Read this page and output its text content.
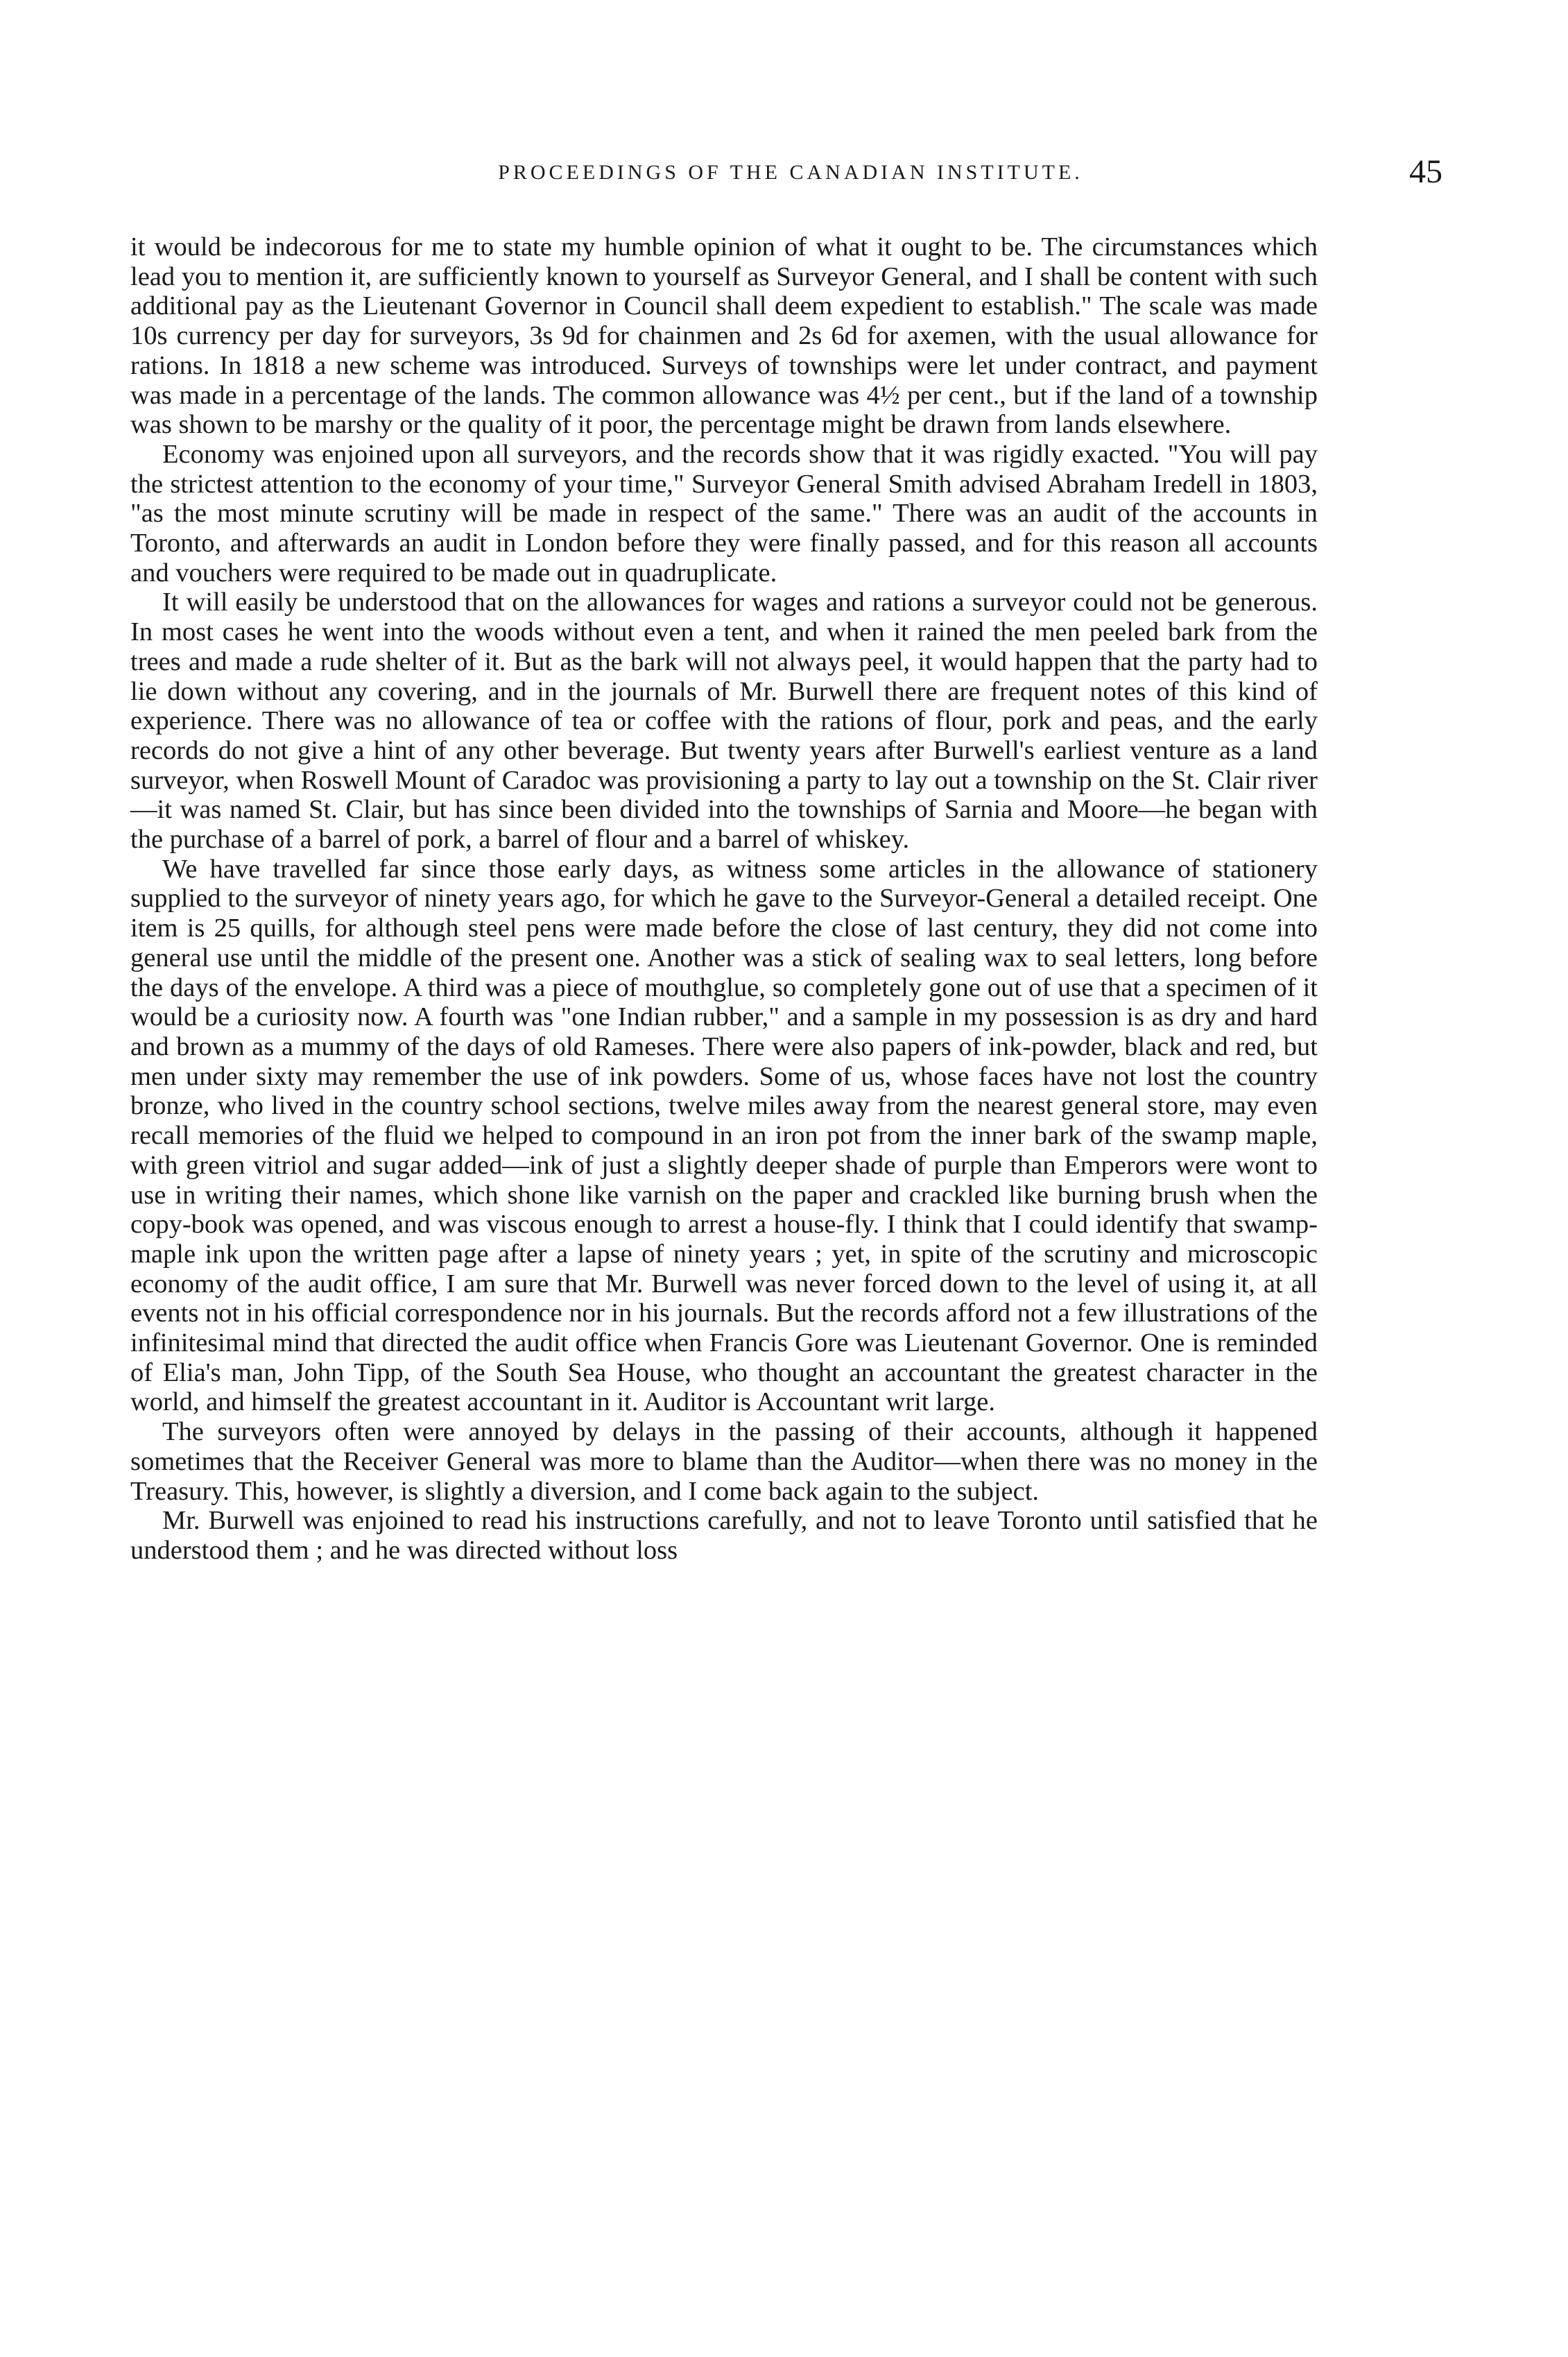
PROCEEDINGS OF THE CANADIAN INSTITUTE.	45

it would be indecorous for me to state my humble opinion of what it ought to be. The circumstances which lead you to mention it, are sufficiently known to yourself as Surveyor General, and I shall be content with such additional pay as the Lieutenant Governor in Council shall deem expedient to establish." The scale was made 10s currency per day for surveyors, 3s 9d for chainmen and 2s 6d for axemen, with the usual allowance for rations. In 1818 a new scheme was introduced. Surveys of townships were let under contract, and payment was made in a percentage of the lands. The common allowance was 4½ per cent., but if the land of a township was shown to be marshy or the quality of it poor, the percentage might be drawn from lands elsewhere.

Economy was enjoined upon all surveyors, and the records show that it was rigidly exacted. "You will pay the strictest attention to the economy of your time," Surveyor General Smith advised Abraham Iredell in 1803, "as the most minute scrutiny will be made in respect of the same." There was an audit of the accounts in Toronto, and afterwards an audit in London before they were finally passed, and for this reason all accounts and vouchers were required to be made out in quadruplicate.

It will easily be understood that on the allowances for wages and rations a surveyor could not be generous. In most cases he went into the woods without even a tent, and when it rained the men peeled bark from the trees and made a rude shelter of it. But as the bark will not always peel, it would happen that the party had to lie down without any covering, and in the journals of Mr. Burwell there are frequent notes of this kind of experience. There was no allowance of tea or coffee with the rations of flour, pork and peas, and the early records do not give a hint of any other beverage. But twenty years after Burwell's earliest venture as a land surveyor, when Roswell Mount of Caradoc was provisioning a party to lay out a township on the St. Clair river—it was named St. Clair, but has since been divided into the townships of Sarnia and Moore—he began with the purchase of a barrel of pork, a barrel of flour and a barrel of whiskey.

We have travelled far since those early days, as witness some articles in the allowance of stationery supplied to the surveyor of ninety years ago, for which he gave to the Surveyor-General a detailed receipt. One item is 25 quills, for although steel pens were made before the close of last century, they did not come into general use until the middle of the present one. Another was a stick of sealing wax to seal letters, long before the days of the envelope. A third was a piece of mouthglue, so completely gone out of use that a specimen of it would be a curiosity now. A fourth was "one Indian rubber," and a sample in my possession is as dry and hard and brown as a mummy of the days of old Rameses. There were also papers of ink-powder, black and red, but men under sixty may remember the use of ink powders. Some of us, whose faces have not lost the country bronze, who lived in the country school sections, twelve miles away from the nearest general store, may even recall memories of the fluid we helped to compound in an iron pot from the inner bark of the swamp maple, with green vitriol and sugar added—ink of just a slightly deeper shade of purple than Emperors were wont to use in writing their names, which shone like varnish on the paper and crackled like burning brush when the copy-book was opened, and was viscous enough to arrest a house-fly. I think that I could identify that swamp-maple ink upon the written page after a lapse of ninety years ; yet, in spite of the scrutiny and microscopic economy of the audit office, I am sure that Mr. Burwell was never forced down to the level of using it, at all events not in his official correspondence nor in his journals. But the records afford not a few illustrations of the infinitesimal mind that directed the audit office when Francis Gore was Lieutenant Governor. One is reminded of Elia's man, John Tipp, of the South Sea House, who thought an accountant the greatest character in the world, and himself the greatest accountant in it. Auditor is Accountant writ large.

The surveyors often were annoyed by delays in the passing of their accounts, although it happened sometimes that the Receiver General was more to blame than the Auditor—when there was no money in the Treasury. This, however, is slightly a diversion, and I come back again to the subject.

Mr. Burwell was enjoined to read his instructions carefully, and not to leave Toronto until satisfied that he understood them ; and he was directed without loss
